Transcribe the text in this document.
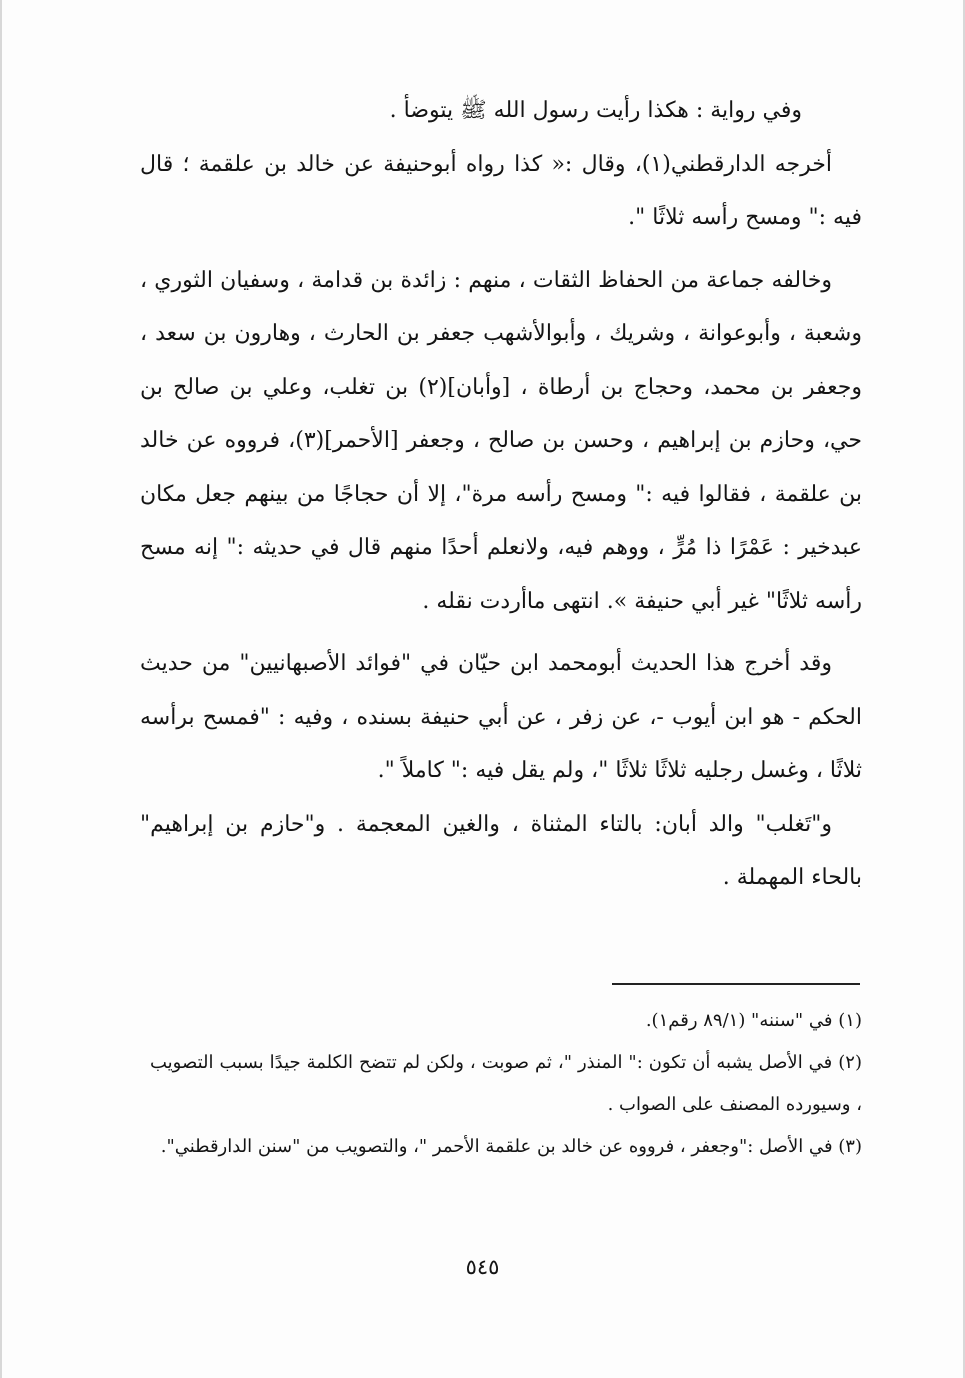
وفي رواية : هكذا رأيت رسول الله ﷺ يتوضأ .

أخرجه الدارقطني(١)، وقال :« كذا رواه أبوحنيفة عن خالد بن علقمة ؛ قال فيه :" ومسح رأسه ثلاثًا ".

وخالفه جماعة من الحفاظ الثقات ، منهم : زائدة بن قدامة ، وسفيان الثوري ، وشعبة ، وأبوعوانة ، وشريك ، وأبوالأشهب جعفر بن الحارث ، وهارون بن سعد ، وجعفر بن محمد، وحجاج بن أرطاة ، [وأبان](٢) بن تغلب، وعلي بن صالح بن حي، وحازم بن إبراهيم ، وحسن بن صالح ، وجعفر [الأحمر](٣)، فرووه عن خالد بن علقمة ، فقالوا فيه :" ومسح رأسه مرة"، إلا أن حجاجًا من بينهم جعل مكان عبدخير : عَمْرًا ذا مُرٍّ ، ووهم فيه، ولانعلم أحدًا منهم قال في حديثه :" إنه مسح رأسه ثلاثًا" غير أبي حنيفة ». انتهى ماأردت نقله .

وقد أخرج هذا الحديث أبومحمد ابن حيّان في "فوائد الأصبهانيين" من حديث الحكم - هو ابن أيوب -، عن زفر ، عن أبي حنيفة بسنده ، وفيه : "فمسح برأسه ثلاثًا ، وغسل رجليه ثلاثًا ثلاثًا "، ولم يقل فيه :" كاملاً ".

و"تَغلب" والد أبان: بالتاء المثناة ، والغين المعجمة . و"حازم بن إبراهيم" بالحاء المهملة .

(١) في "سننه" (٨٩/١ رقم١).

(٢) في الأصل يشبه أن تكون :" المنذر "، ثم صوبت ، ولكن لم تتضح الكلمة جيدًا بسبب التصويب ، وسيورده المصنف على الصواب .

(٣) في الأصل :"وجعفر ، فرووه عن خالد بن علقمة الأحمر "، والتصويب من "سنن الدارقطني".

٥٤٥
